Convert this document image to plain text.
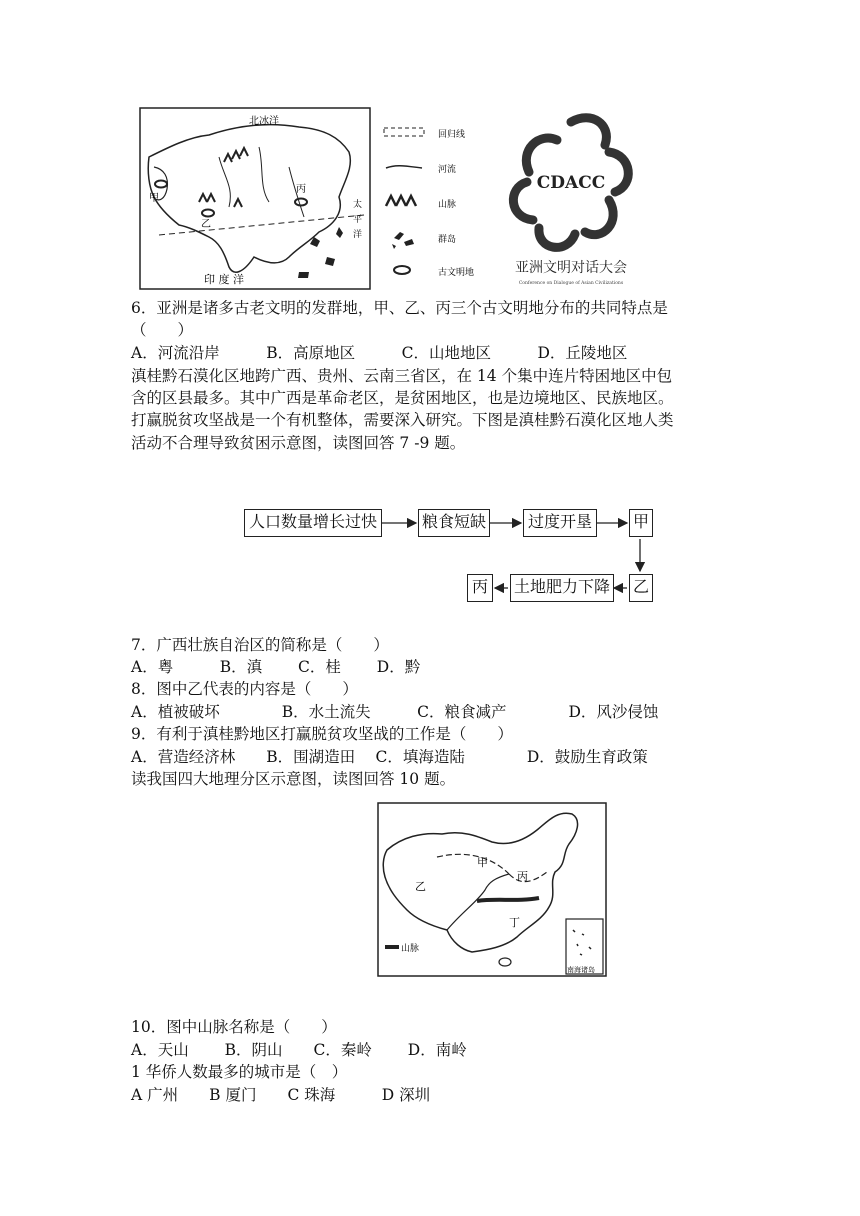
北冰洋
印 度 洋
太
平
洋
甲
乙
丙
回归线
河流
山脉
群岛
古文明地
CDACC
亚洲文明对话大会
Conference on Dialogue of Asian Civilizations
6．亚洲是诸多古老文明的发群地，甲、乙、丙三个古文明地分布的共同特点是
（　　）
A．河流沿岸　　　B．高原地区　　　C．山地地区　　　D．丘陵地区
滇桂黔石漠化区地跨广西、贵州、云南三省区，在 14 个集中连片特困地区中包
含的区县最多。其中广西是革命老区，是贫困地区，也是边境地区、民族地区。
打赢脱贫攻坚战是一个有机整体，需要深入研究。下图是滇桂黔石漠化区地人类
活动不合理导致贫困示意图，读图回答 7 -9 题。
人口数量增长过快	粮食短缺	过度开垦	甲
乙
土地肥力下降
丙
7．广西壮族自治区的简称是（　　）
A．粤　　　B．滇　　 C．桂　　 D．黔
8．图中乙代表的内容是（　　）
A．植被破坏　　　　B．水土流失　　　C．粮食减产　　　　D．风沙侵蚀
9．有利于滇桂黔地区打赢脱贫攻坚战的工作是（　　）
A．营造经济林　　B．围湖造田　 C．填海造陆　　　　D．鼓励生育政策
读我国四大地理分区示意图，读图回答 10 题。
甲
乙
丙
丁
山脉
南海诸岛
10．图中山脉名称是（　　）
A．天山　　 B．阴山　　C．秦岭　　 D．南岭
1 华侨人数最多的城市是（　）
A 广州　　B 厦门　　C 珠海　　　D 深圳
